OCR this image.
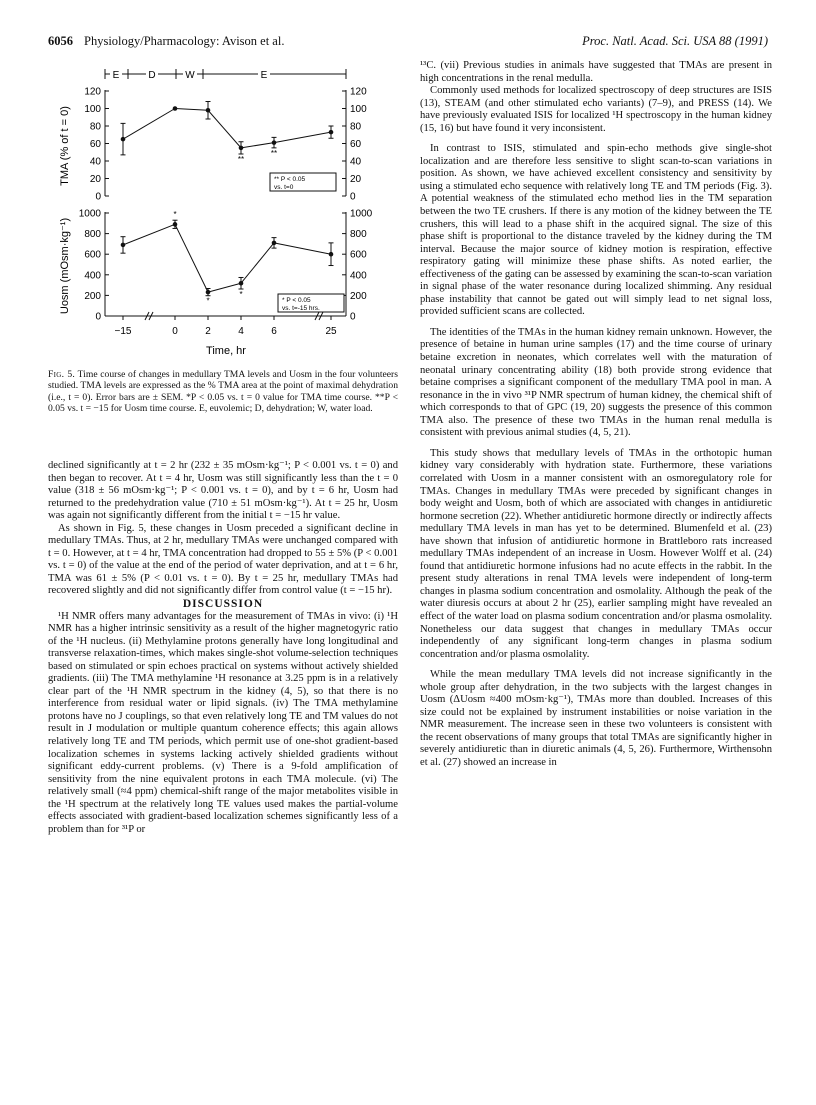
6056 Physiology/Pharmacology: Avison et al.	Proc. Natl. Acad. Sci. USA 88 (1991)
E	D	W	E
TMA (% of t = 0)
0	0
20	20
40	40
60	60
80	80
100	100
120	120
**
**
** P < 0.05
vs. t=0
Uosm (mOsm·kg⁻¹)
0	0
200	200
400	400
600	600
800	800
1000	1000
*
*
*
−15	0	2	4	6	25
* P < 0.05
vs. t=-15 hrs.
Time, hr
Fig. 5. Time course of changes in medullary TMA levels and Uosm in the four volunteers studied. TMA levels are expressed as the % TMA area at the point of maximal dehydration (i.e., t = 0). Error bars are ± SEM. *P < 0.05 vs. t = 0 value for TMA time course. **P < 0.05 vs. t = −15 for Uosm time course. E, euvolemic; D, dehydration; W, water load.

declined significantly at t = 2 hr (232 ± 35 mOsm·kg⁻¹; P < 0.001 vs. t = 0) and then began to recover. At t = 4 hr, Uosm was still significantly less than the t = 0 value (318 ± 56 mOsm·kg⁻¹; P < 0.001 vs. t = 0), and by t = 6 hr, Uosm had returned to the predehydration value (710 ± 51 mOsm·kg⁻¹). At t = 25 hr, Uosm was again not significantly different from the initial t = −15 hr value.

As shown in Fig. 5, these changes in Uosm preceded a significant decline in medullary TMAs. Thus, at 2 hr, medullary TMAs were unchanged compared with t = 0. However, at t = 4 hr, TMA concentration had dropped to 55 ± 5% (P < 0.001 vs. t = 0) of the value at the end of the period of water deprivation, and at t = 6 hr, TMA was 61 ± 5% (P < 0.01 vs. t = 0). By t = 25 hr, medullary TMAs had recovered slightly and did not significantly differ from control value (t = −15 hr).

DISCUSSION

¹H NMR offers many advantages for the measurement of TMAs in vivo: (i) ¹H NMR has a higher intrinsic sensitivity as a result of the higher magnetogyric ratio of the ¹H nucleus. (ii) Methylamine protons generally have long longitudinal and transverse relaxation-times, which makes single-shot volume-selection techniques based on stimulated or spin echoes practical on systems without actively shielded gradients. (iii) The TMA methylamine ¹H resonance at 3.25 ppm is in a relatively clear part of the ¹H NMR spectrum in the kidney (4, 5), so that there is no interference from residual water or lipid signals. (iv) The TMA methylamine protons have no J couplings, so that even relatively long TE and TM values do not result in J modulation or multiple quantum coherence effects; this again allows relatively long TE and TM periods, which permit use of one-shot gradient-based localization schemes in systems lacking actively shielded gradients without significant eddy-current problems. (v) There is a 9-fold amplification of sensitivity from the nine equivalent protons in each TMA molecule. (vi) The relatively small (≈4 ppm) chemical-shift range of the major metabolites visible in the ¹H spectrum at the relatively long TE values used makes the partial-volume effects associated with gradient-based localization schemes significantly less of a problem than for ³¹P or

¹³C. (vii) Previous studies in animals have suggested that TMAs are present in high concentrations in the renal medulla.

Commonly used methods for localized spectroscopy of deep structures are ISIS (13), STEAM (and other stimulated echo variants) (7–9), and PRESS (14). We have previously evaluated ISIS for localized ¹H spectroscopy in the human kidney (15, 16) but have found it very inconsistent.

In contrast to ISIS, stimulated and spin-echo methods give single-shot localization and are therefore less sensitive to slight scan-to-scan variations in position. As shown, we have achieved excellent consistency and sensitivity by using a stimulated echo sequence with relatively long TE and TM periods (Fig. 3). A potential weakness of the stimulated echo method lies in the TM separation between the two TE crushers. If there is any motion of the kidney between the TE crushers, this will lead to a phase shift in the acquired signal. The size of this phase shift is proportional to the distance traveled by the kidney during the TM interval. Because the major source of kidney motion is respiration, effective respiratory gating will minimize these phase shifts. As noted earlier, the effectiveness of the gating can be assessed by examining the scan-to-scan variation in signal phase of the water resonance during localized shimming. Any residual phase instability that cannot be gated out will simply lead to net signal loss, provided sufficient scans are collected.

The identities of the TMAs in the human kidney remain unknown. However, the presence of betaine in human urine samples (17) and the time course of urinary betaine excretion in neonates, which correlates well with the maturation of neonatal urinary concentrating ability (18) both provide strong evidence that betaine comprises a significant component of the medullary TMA pool in man. A resonance in the in vivo ³¹P NMR spectrum of human kidney, the chemical shift of which corresponds to that of GPC (19, 20) suggests the presence of this common TMA also. The presence of these two TMAs in the human renal medulla is consistent with previous animal studies (4, 5, 21).

This study shows that medullary levels of TMAs in the orthotopic human kidney vary considerably with hydration state. Furthermore, these variations correlated with Uosm in a manner consistent with an osmoregulatory role for TMAs. Changes in medullary TMAs were preceded by significant changes in body weight and Uosm, both of which are associated with changes in antidiuretic hormone secretion (22). Whether antidiuretic hormone directly or indirectly affects medullary TMA levels in man has yet to be determined. Blumenfeld et al. (23) have shown that infusion of antidiuretic hormone in Brattleboro rats increased medullary TMAs independent of an increase in Uosm. However Wolff et al. (24) found that antidiuretic hormone infusions had no acute effects in the rabbit. In the present study alterations in renal TMA levels were independent of long-term changes in plasma sodium concentration and osmolality. Although the peak of the water diuresis occurs at about 2 hr (25), earlier sampling might have revealed an effect of the water load on plasma sodium concentration and/or plasma osmolality. Nonetheless our data suggest that changes in medullary TMAs occur independently of any significant long-term changes in plasma sodium concentration and/or plasma osmolality.

While the mean medullary TMA levels did not increase significantly in the whole group after dehydration, in the two subjects with the largest changes in Uosm (ΔUosm ≈400 mOsm·kg⁻¹), TMAs more than doubled. Increases of this size could not be explained by instrument instabilities or noise variation in the NMR measurement. The increase seen in these two volunteers is consistent with the recent observations of many groups that total TMAs are significantly higher in severely antidiuretic than in diuretic animals (4, 5, 26). Furthermore, Wirthensohn et al. (27) showed an increase in
